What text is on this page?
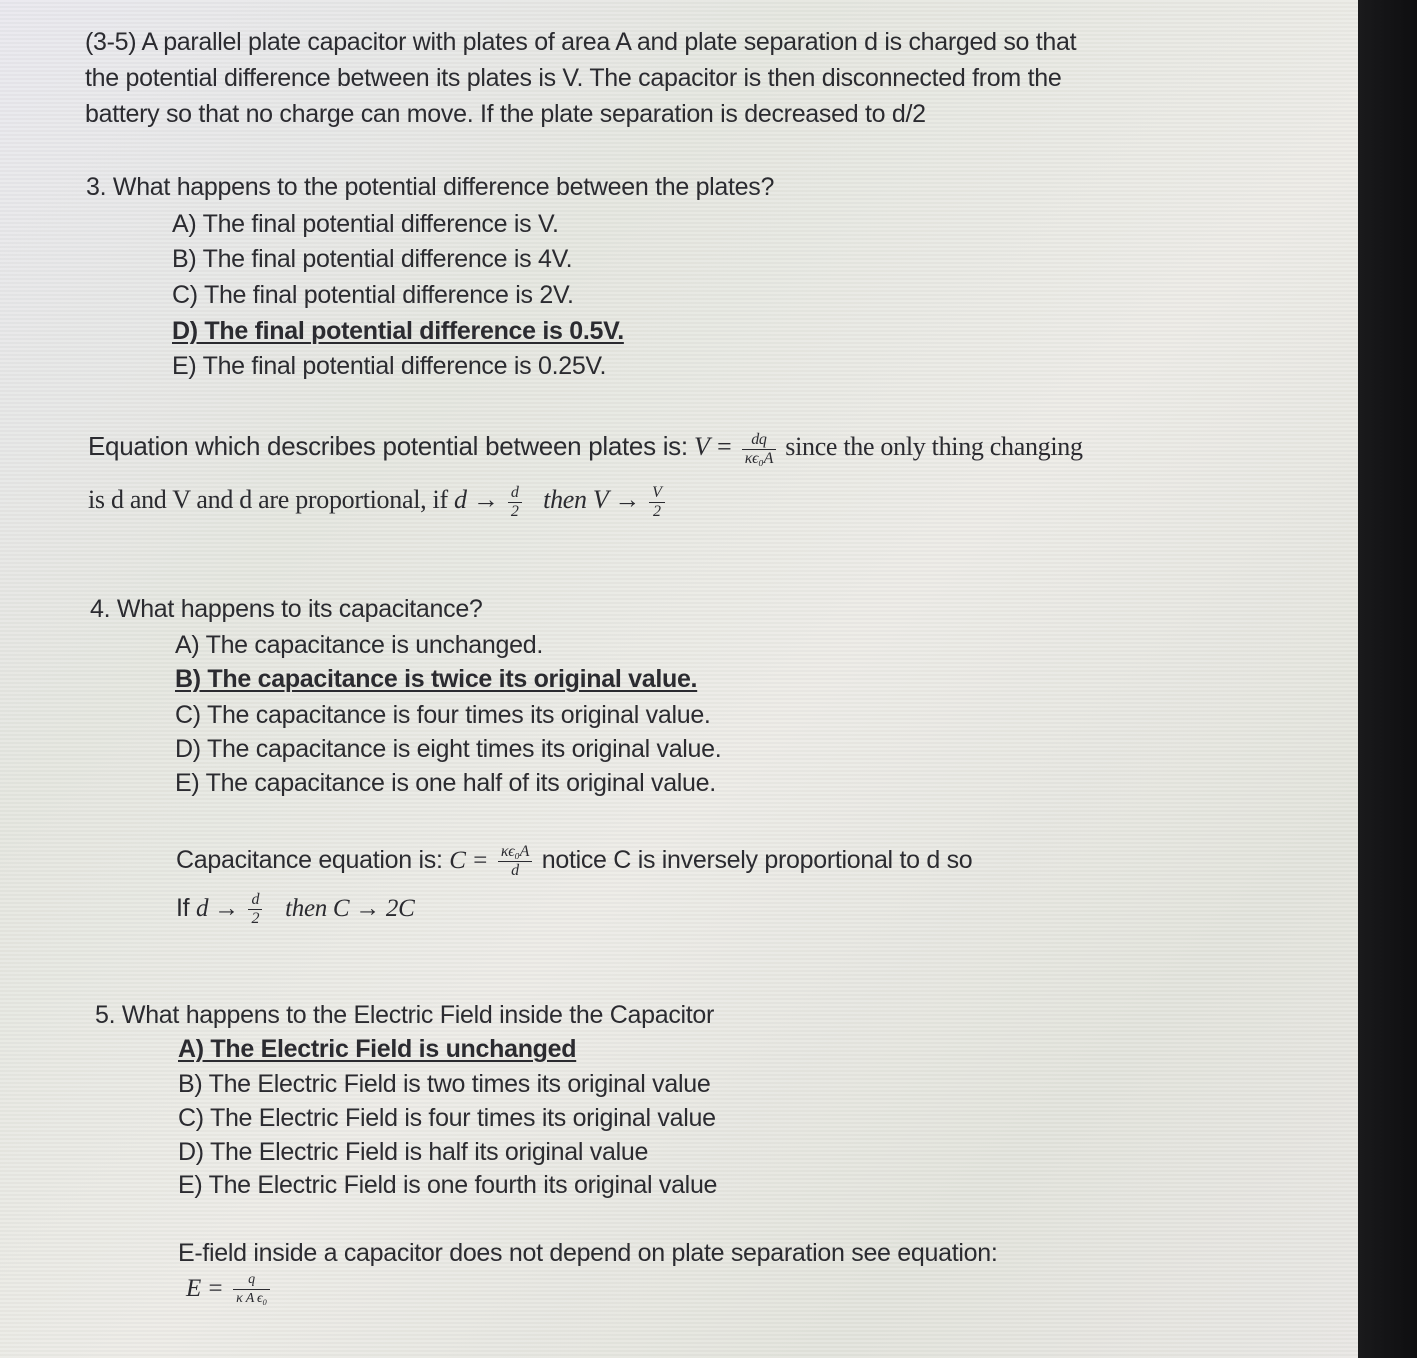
(3-5) A parallel plate capacitor with plates of area A and plate separation d is charged so that
the potential difference between its plates is V. The capacitor is then disconnected from the
battery so that no charge can move. If the plate separation is decreased to d/2
3. What happens to the potential difference between the plates?
A) The final potential difference is V.
B) The final potential difference is 4V.
C) The final potential difference is 2V.
D) The final potential difference is 0.5V.
E) The final potential difference is 0.25V.
Equation which describes potential between plates is: $V = \frac{dq}{\text{κϵ₀A}}$ since the only thing changing
is d and V and d are proportional, if $d \to \frac{d}{2}$ then $V \to \frac{V}{2}$
4. What happens to its capacitance?
A) The capacitance is unchanged.
B) The capacitance is twice its original value.
C) The capacitance is four times its original value.
D) The capacitance is eight times its original value.
E) The capacitance is one half of its original value.
Capacitance equation is: $C = \frac{\text{κϵ₀A}}{d}$ notice C is inversely proportional to d so
If $d \to \frac{d}{2}$ then C → 2C
5. What happens to the Electric Field inside the Capacitor
A) The Electric Field is unchanged
B) The Electric Field is two times its original value
C) The Electric Field is four times its original value
D) The Electric Field is half its original value
E) The Electric Field is one fourth its original value
E-field inside a capacitor does not depend on plate separation see equation:
$E = \frac{q}{\text{κ A ϵ₀}}$
